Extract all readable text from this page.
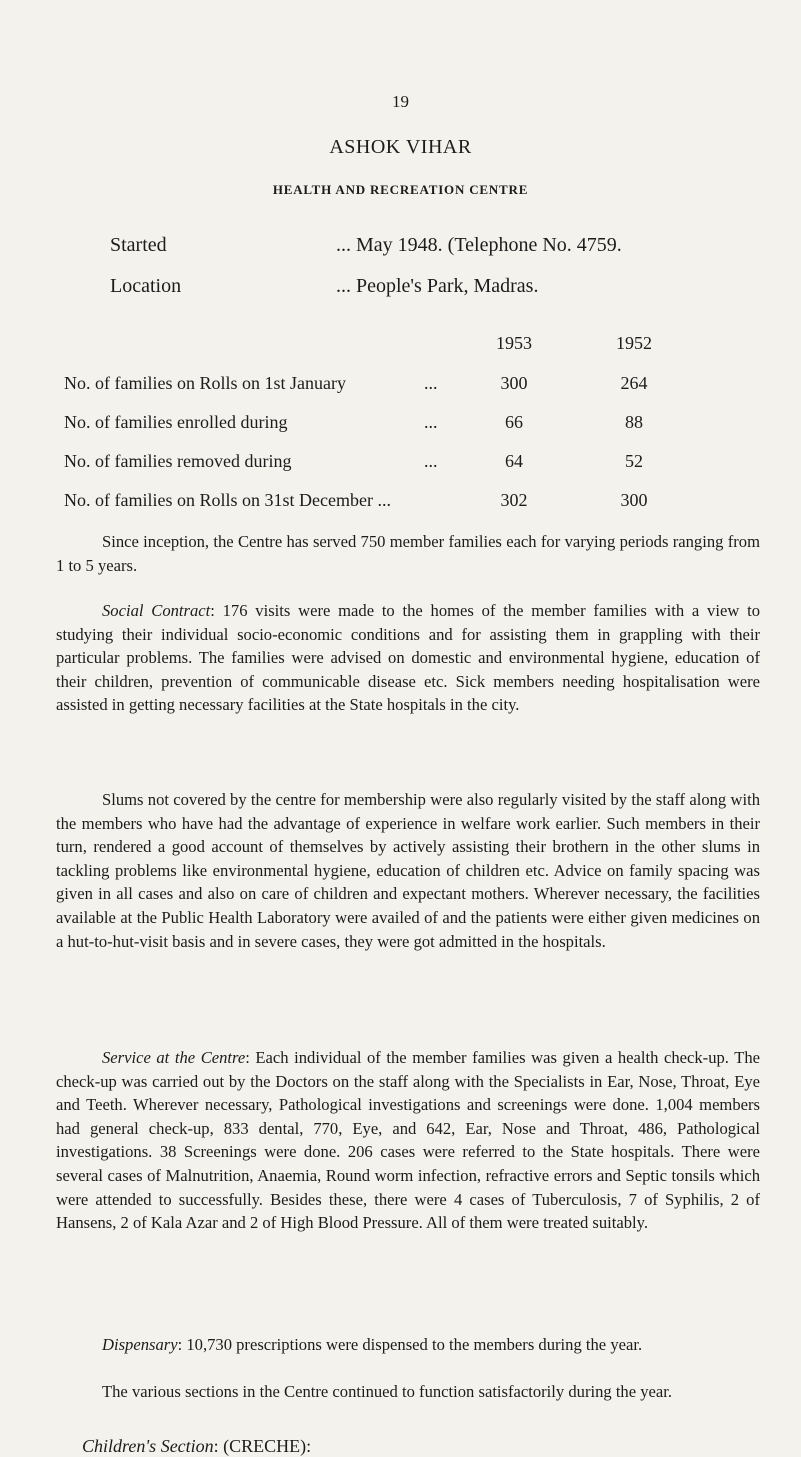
19
ASHOK VIHAR
HEALTH AND RECREATION CENTRE
Started	... May 1948. (Telephone No. 4759.
Location	... People's Park, Madras.
1953	1952
No. of families on Rolls on 1st January	...	300	264
No. of families enrolled during	...	66	88
No. of families removed during	...	64	52
No. of families on Rolls on 31st December ...	302	300

Since inception, the Centre has served 750 member families each for varying periods ranging from 1 to 5 years.

Social Contract: 176 visits were made to the homes of the member families with a view to studying their individual socio-economic conditions and for assisting them in grappling with their particular problems. The families were advised on domestic and environmental hygiene, education of their children, prevention of communicable disease etc. Sick members needing hospitalisation were assisted in getting necessary facilities at the State hospitals in the city.

Slums not covered by the centre for membership were also regularly visited by the staff along with the members who have had the advantage of experience in welfare work earlier. Such members in their turn, rendered a good account of themselves by actively assisting their brothern in the other slums in tackling problems like environmental hygiene, education of children etc. Advice on family spacing was given in all cases and also on care of children and expectant mothers. Wherever necessary, the facilities available at the Public Health Laboratory were availed of and the patients were either given medicines on a hut-to-hut-visit basis and in severe cases, they were got admitted in the hospitals.

Service at the Centre: Each individual of the member families was given a health check-up. The check-up was carried out by the Doctors on the staff along with the Specialists in Ear, Nose, Throat, Eye and Teeth. Wherever necessary, Pathological investigations and screenings were done. 1,004 members had general check-up, 833 dental, 770, Eye, and 642, Ear, Nose and Throat, 486, Pathological investigations. 38 Screenings were done. 206 cases were referred to the State hospitals. There were several cases of Malnutrition, Anaemia, Round worm infection, refractive errors and Septic tonsils which were attended to successfully. Besides these, there were 4 cases of Tuberculosis, 7 of Syphilis, 2 of Hansens, 2 of Kala Azar and 2 of High Blood Pressure. All of them were treated suitably.

Dispensary: 10,730 prescriptions were dispensed to the members during the year.

The various sections in the Centre continued to function satisfactorily during the year.

Children's Section: (CRECHE):
